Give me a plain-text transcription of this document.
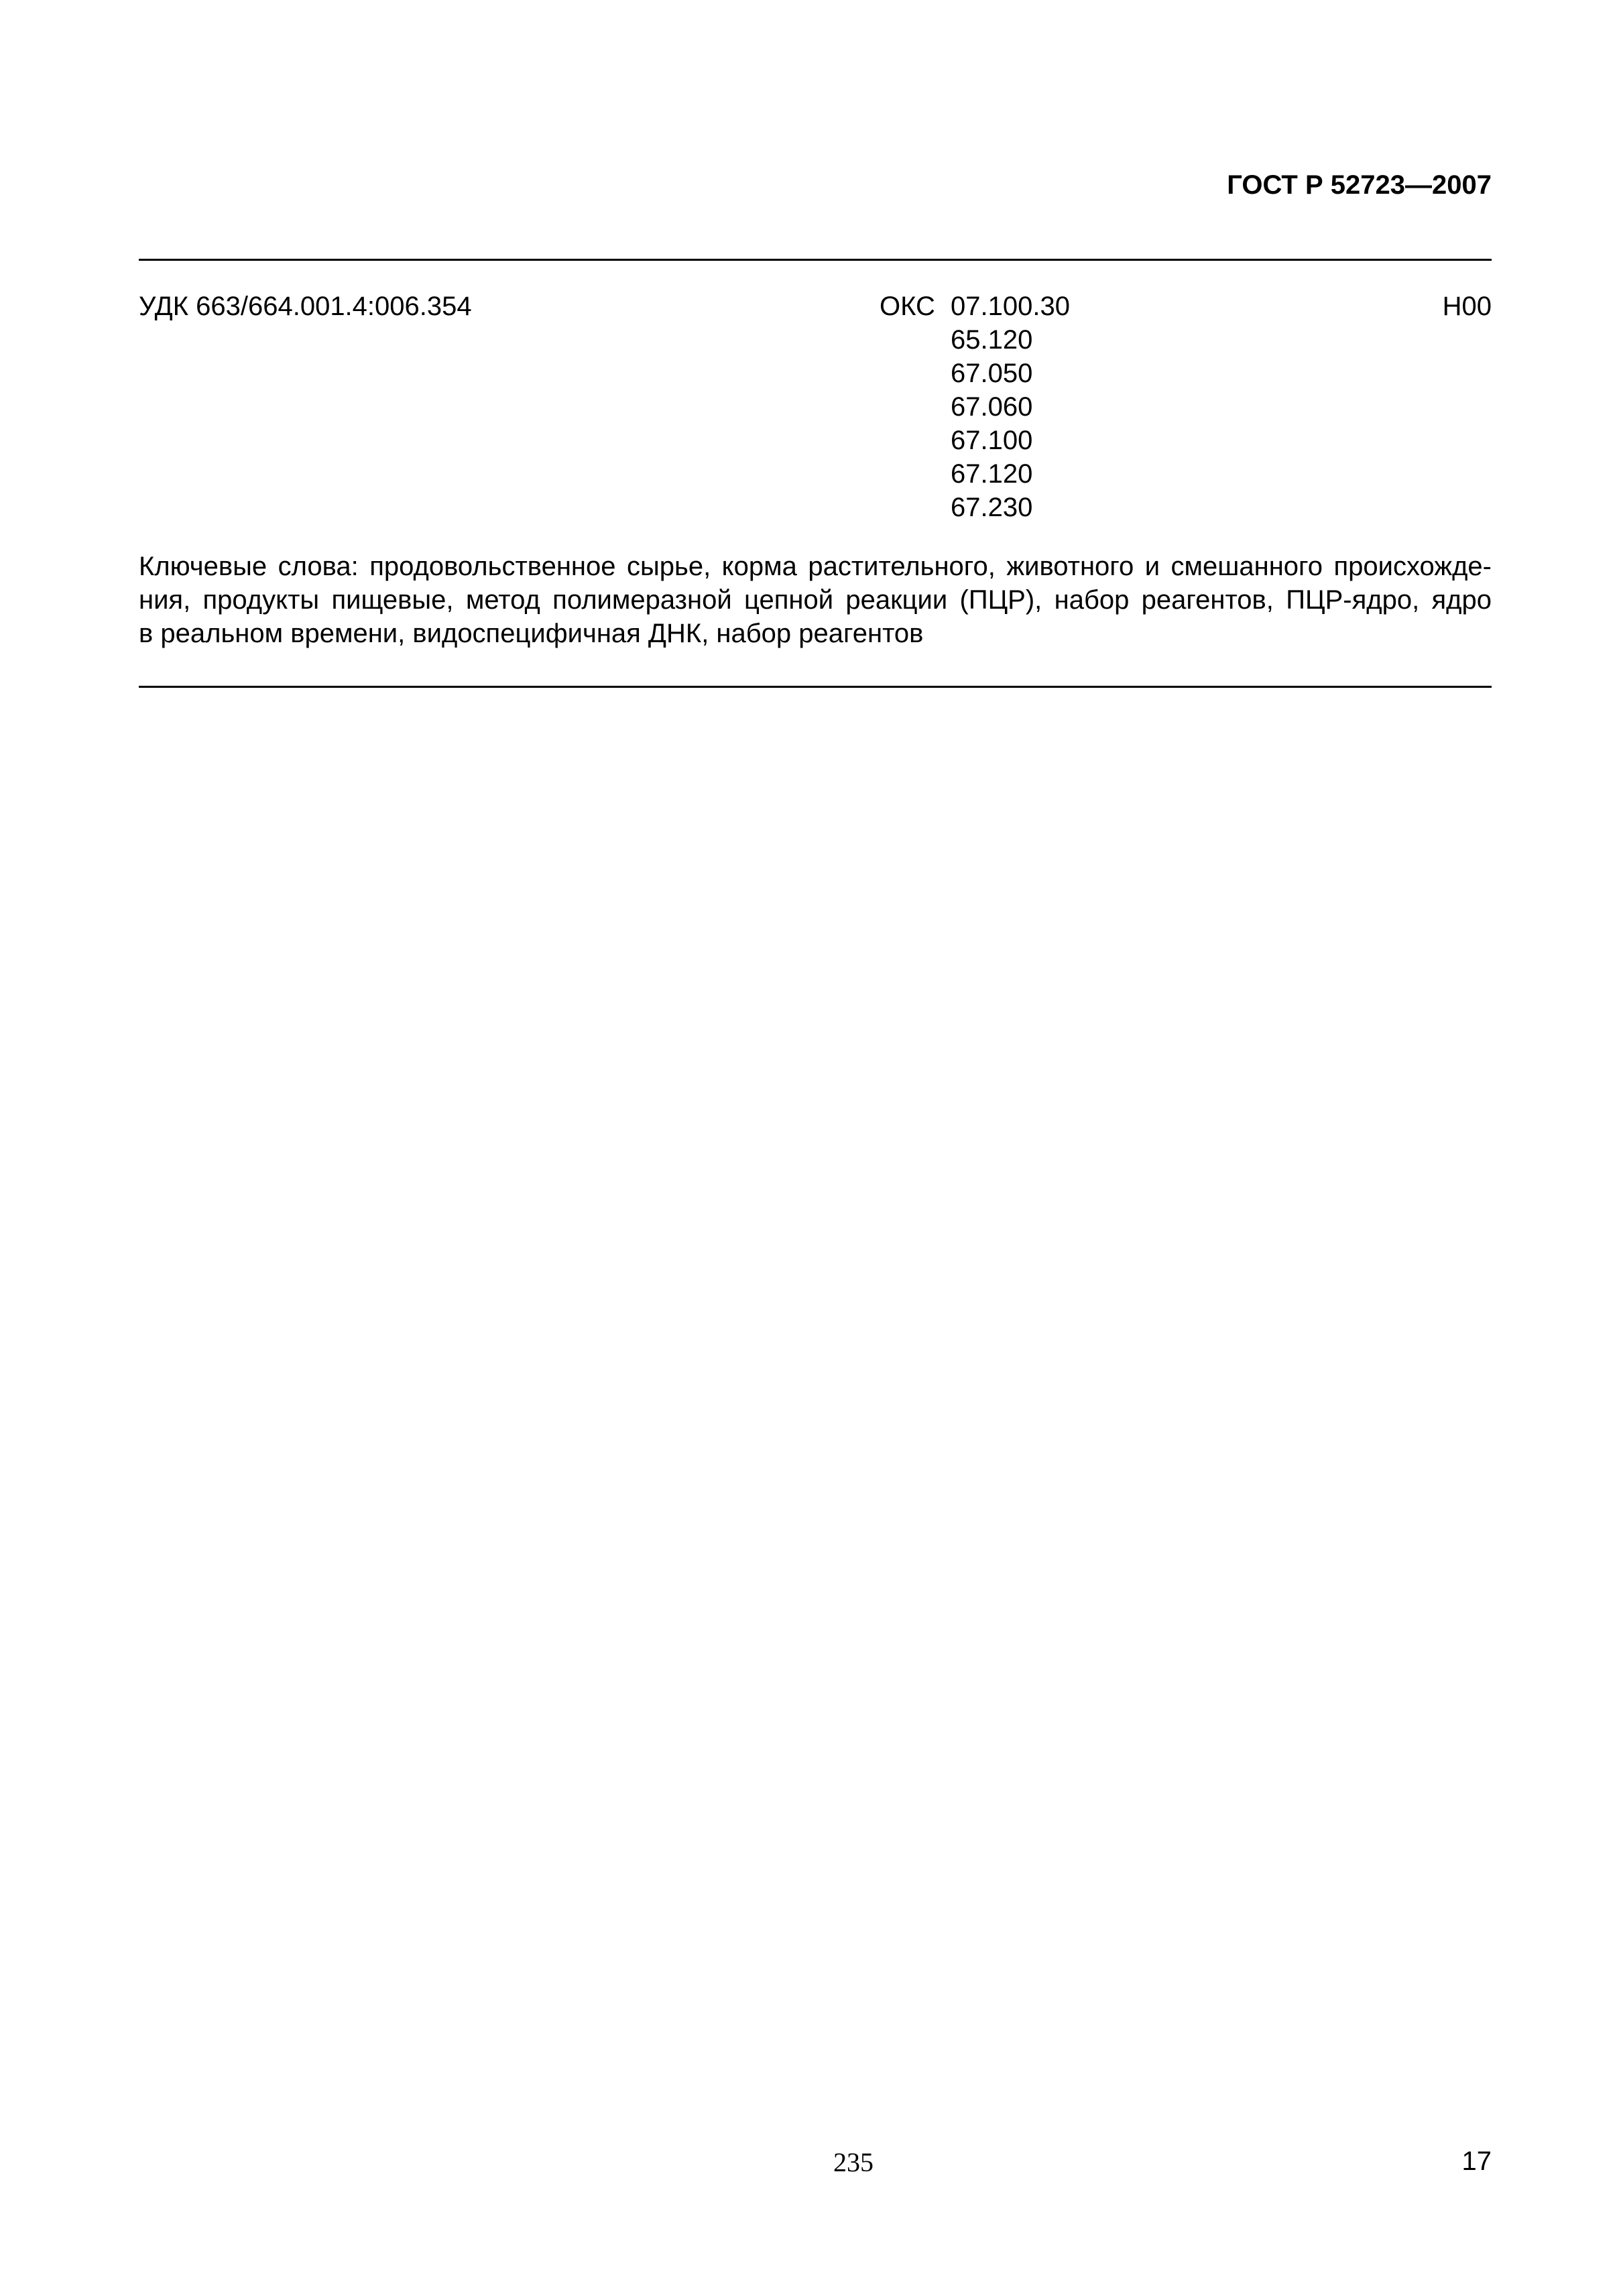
ГОСТ Р 52723—2007
УДК 663/664.001.4:006.354	ОКС 07.100.30
65.120
67.050
67.060
67.100
67.120
67.230
Н00
Ключевые слова: продовольственное сырье, корма растительного, животного и смешанного происхожде-
ния, продукты пищевые, метод полимеразной цепной реакции (ПЦР), набор реагентов, ПЦР-ядро, ядро
в реальном времени, видоспецифичная ДНК, набор реагентов
235	17
